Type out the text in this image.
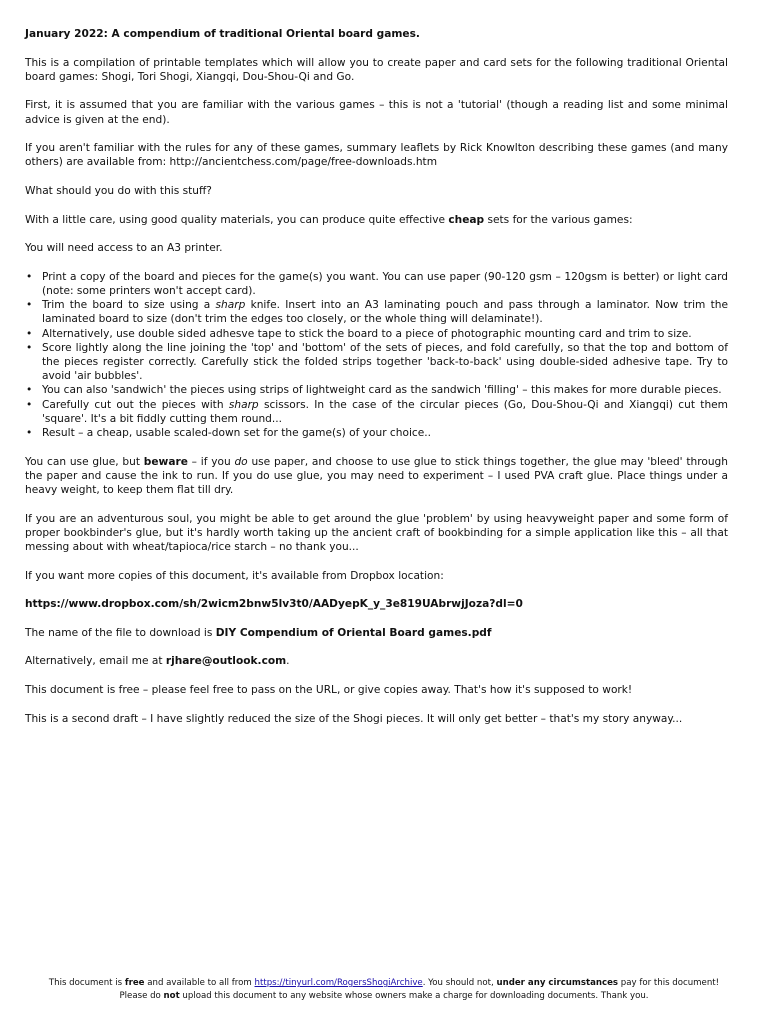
January 2022: A compendium of traditional Oriental board games.

This is a compilation of printable templates which will allow you to create paper and card sets for the following traditional Oriental board games: Shogi, Tori Shogi, Xiangqi, Dou-Shou-Qi and Go.

First, it is assumed that you are familiar with the various games – this is not a 'tutorial' (though a reading list and some minimal advice is given at the end).

If you aren't familiar with the rules for any of these games, summary leaflets by Rick Knowlton describing these games (and many others) are available from: http://ancientchess.com/page/free-downloads.htm

What should you do with this stuff?

With a little care, using good quality materials, you can produce quite effective cheap sets for the various games:

You will need access to an A3 printer.

• Print a copy of the board and pieces for the game(s) you want. You can use paper (90-120 gsm – 120gsm is better) or light card (note: some printers won't accept card).
• Trim the board to size using a sharp knife. Insert into an A3 laminating pouch and pass through a laminator. Now trim the laminated board to size (don't trim the edges too closely, or the whole thing will delaminate!).
• Alternatively, use double sided adhesve tape to stick the board to a piece of photographic mounting card and trim to size.
• Score lightly along the line joining the 'top' and 'bottom' of the sets of pieces, and fold carefully, so that the top and bottom of the pieces register correctly. Carefully stick the folded strips together 'back-to-back' using double-sided adhesive tape. Try to avoid 'air bubbles'.
• You can also 'sandwich' the pieces using strips of lightweight card as the sandwich 'filling' – this makes for more durable pieces.
• Carefully cut out the pieces with sharp scissors. In the case of the circular pieces (Go, Dou-Shou-Qi and Xiangqi) cut them 'square'. It's a bit fiddly cutting them round...
• Result – a cheap, usable scaled-down set for the game(s) of your choice..

You can use glue, but beware – if you do use paper, and choose to use glue to stick things together, the glue may 'bleed' through the paper and cause the ink to run. If you do use glue, you may need to experiment – I used PVA craft glue. Place things under a heavy weight, to keep them flat till dry.

If you are an adventurous soul, you might be able to get around the glue 'problem' by using heavyweight paper and some form of proper bookbinder's glue, but it's hardly worth taking up the ancient craft of bookbinding for a simple application like this – all that messing about with wheat/tapioca/rice starch – no thank you...

If you want more copies of this document, it's available from Dropbox location:

https://www.dropbox.com/sh/2wicm2bnw5lv3t0/AADyepK_y_3e819UAbrwjJoza?dl=0

The name of the file to download is DIY Compendium of Oriental Board games.pdf

Alternatively, email me at rjhare@outlook.com.

This document is free – please feel free to pass on the URL, or give copies away. That's how it's supposed to work!

This is a second draft – I have slightly reduced the size of the Shogi pieces. It will only get better – that's my story anyway...

This document is free and available to all from https://tinyurl.com/RogersShogiArchive. You should not, under any circumstances pay for this document!
Please do not upload this document to any website whose owners make a charge for downloading documents. Thank you.
